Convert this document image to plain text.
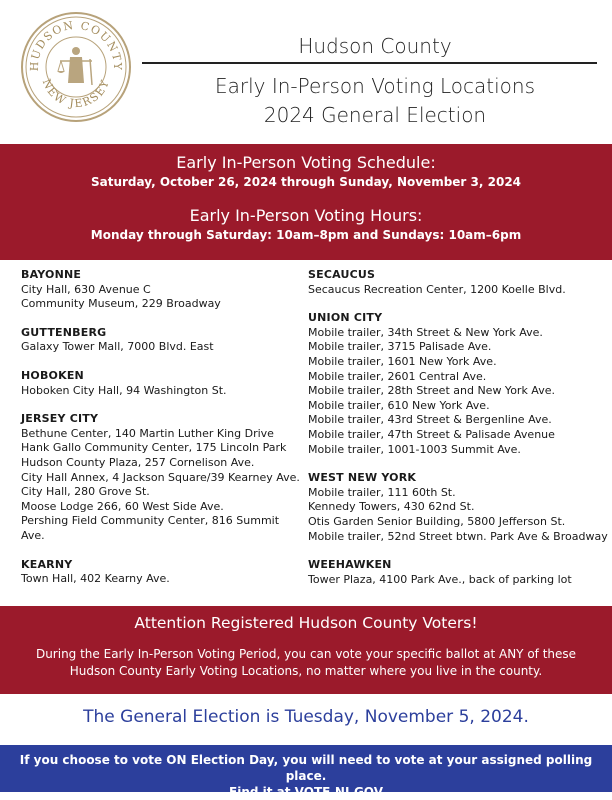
HUDSON COUNTY
NEW JERSEY
Hudson County
Early In-Person Voting Locations
2024 General Election
Early In-Person Voting Schedule:
Saturday, October 26, 2024 through Sunday, November 3, 2024
Early In-Person Voting Hours:
Monday through Saturday: 10am–8pm and Sundays: 10am–6pm
BAYONNE
City Hall, 630 Avenue C
Community Museum, 229 Broadway
GUTTENBERG
Galaxy Tower Mall, 7000 Blvd. East
HOBOKEN
Hoboken City Hall, 94 Washington St.
JERSEY CITY
Bethune Center, 140 Martin Luther King Drive
Hank Gallo Community Center, 175 Lincoln Park
Hudson County Plaza, 257 Cornelison Ave.
City Hall Annex, 4 Jackson Square/39 Kearney Ave.
City Hall, 280 Grove St.
Moose Lodge 266, 60 West Side Ave.
Pershing Field Community Center, 816 Summit Ave.
KEARNY
Town Hall, 402 Kearny Ave.
SECAUCUS
Secaucus Recreation Center, 1200 Koelle Blvd.
UNION CITY
Mobile trailer, 34th Street & New York Ave.
Mobile trailer, 3715 Palisade Ave.
Mobile trailer, 1601 New York Ave.
Mobile trailer, 2601 Central Ave.
Mobile trailer, 28th Street and New York Ave.
Mobile trailer, 610 New York Ave.
Mobile trailer, 43rd Street & Bergenline Ave.
Mobile trailer, 47th Street & Palisade Avenue
Mobile trailer, 1001-1003 Summit Ave.
WEST NEW YORK
Mobile trailer, 111 60th St.
Kennedy Towers, 430 62nd St.
Otis Garden Senior Building, 5800 Jefferson St.
Mobile trailer, 52nd Street btwn. Park Ave & Broadway
WEEHAWKEN
Tower Plaza, 4100 Park Ave., back of parking lot
Attention Registered Hudson County Voters!
During the Early In-Person Voting Period, you can vote your specific ballot at ANY of these Hudson County Early Voting Locations, no matter where you live in the county.
The General Election is Tuesday, November 5, 2024.
If you choose to vote ON Election Day, you will need to vote at your assigned polling place.
Find it at VOTE.NJ.GOV
